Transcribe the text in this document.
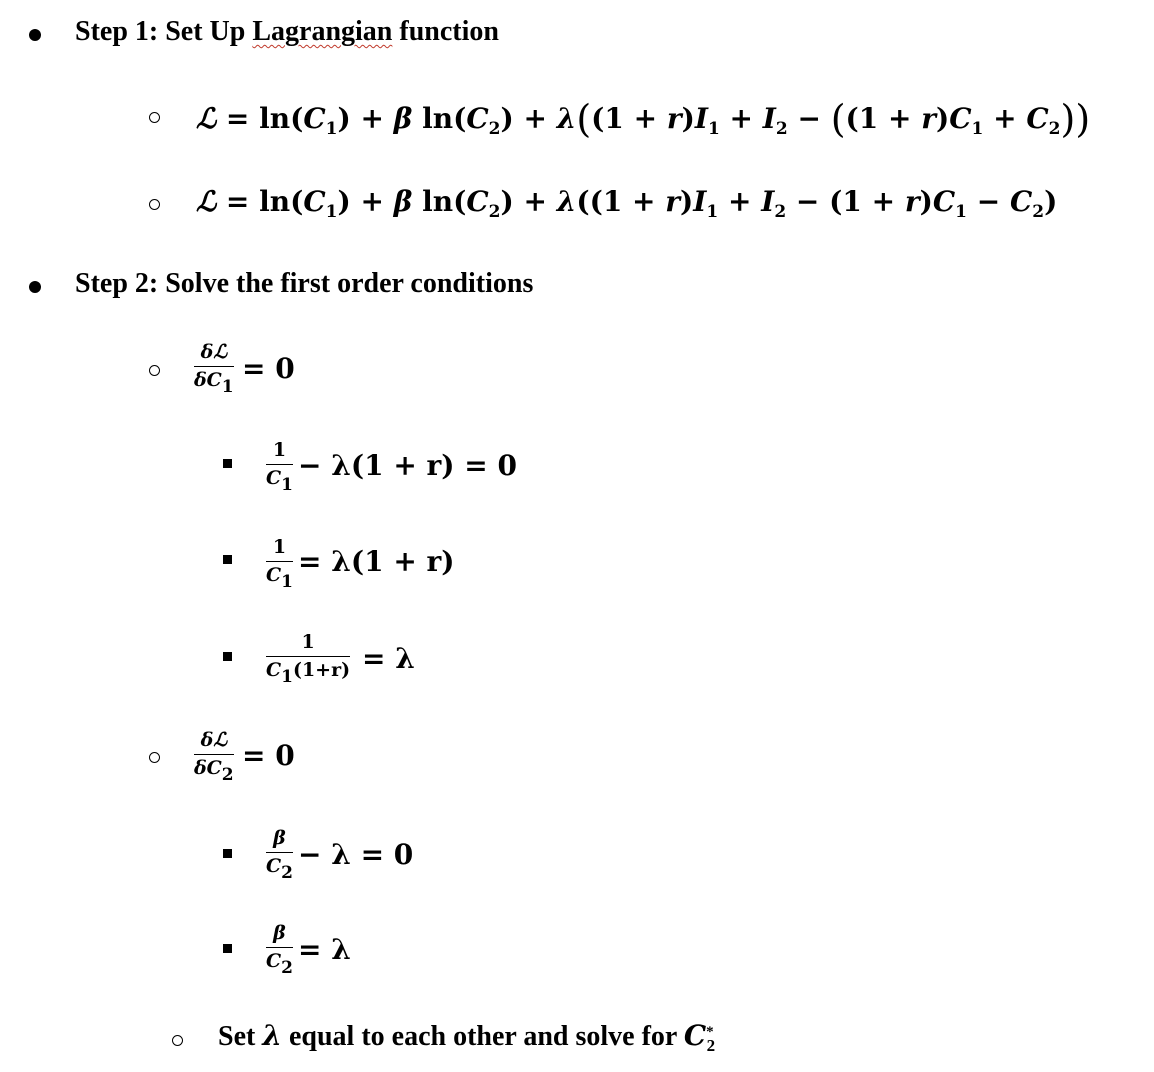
Step 1: Set Up Lagrangian function
ℒ = $\ln(C_1) + \beta$ $\ln(C_2) + \lambda((1 + r)I_1 + I_2 - ((1 + r)C_1 + C_2))$
ℒ = $\ln(C_1) + \beta$ $\ln(C_2) + \lambda((1 + r)I_1 + I_2 - (1 + r)C_1 - C_2)$
Step 2: Solve the first order conditions
δℒ
$\delta C_1$
= 0
1
$C_1$
− λ(1 + r) = 0
1
$C_1$
= λ(1 + r)
1
$C_1(1+r) = \lambda$
δℒ
$\delta C_2$
= 0
β
$C_2$
− λ = 0
β
$C_2$
= λ
Set λ equal to each other and solve for $C^*_2$
